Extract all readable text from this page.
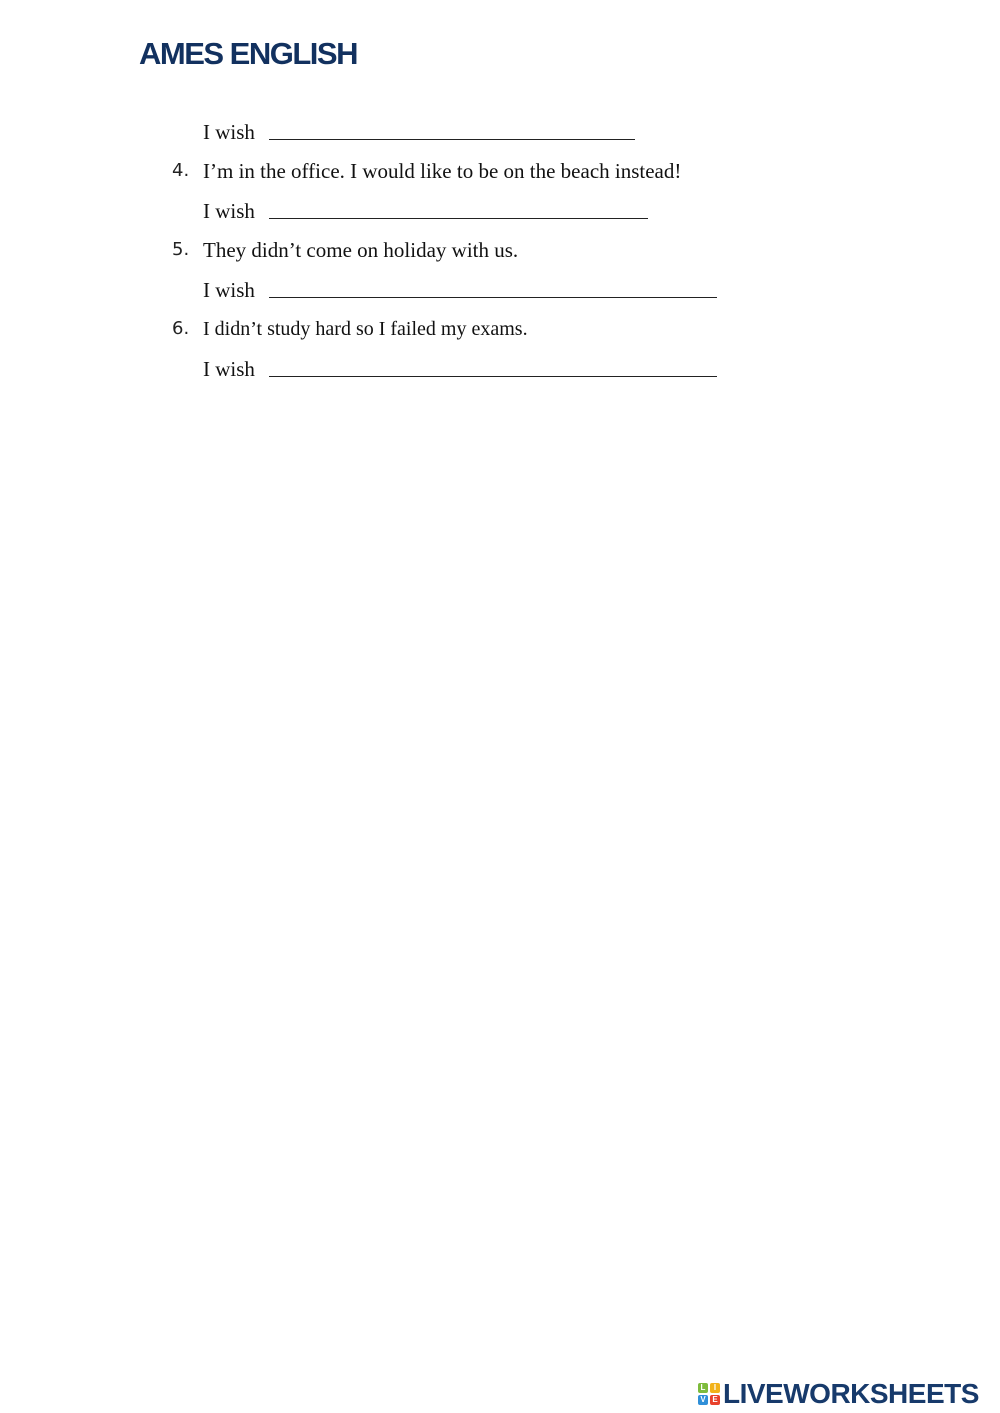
AMES ENGLISH
I wish
4. I’m in the office. I would like to be on the beach instead!
I wish
5. They didn’t come on holiday with us.
I wish
6. I didn’t study hard so I failed my exams.
I wish
L	I
V E LIVEWORKSHEETS
